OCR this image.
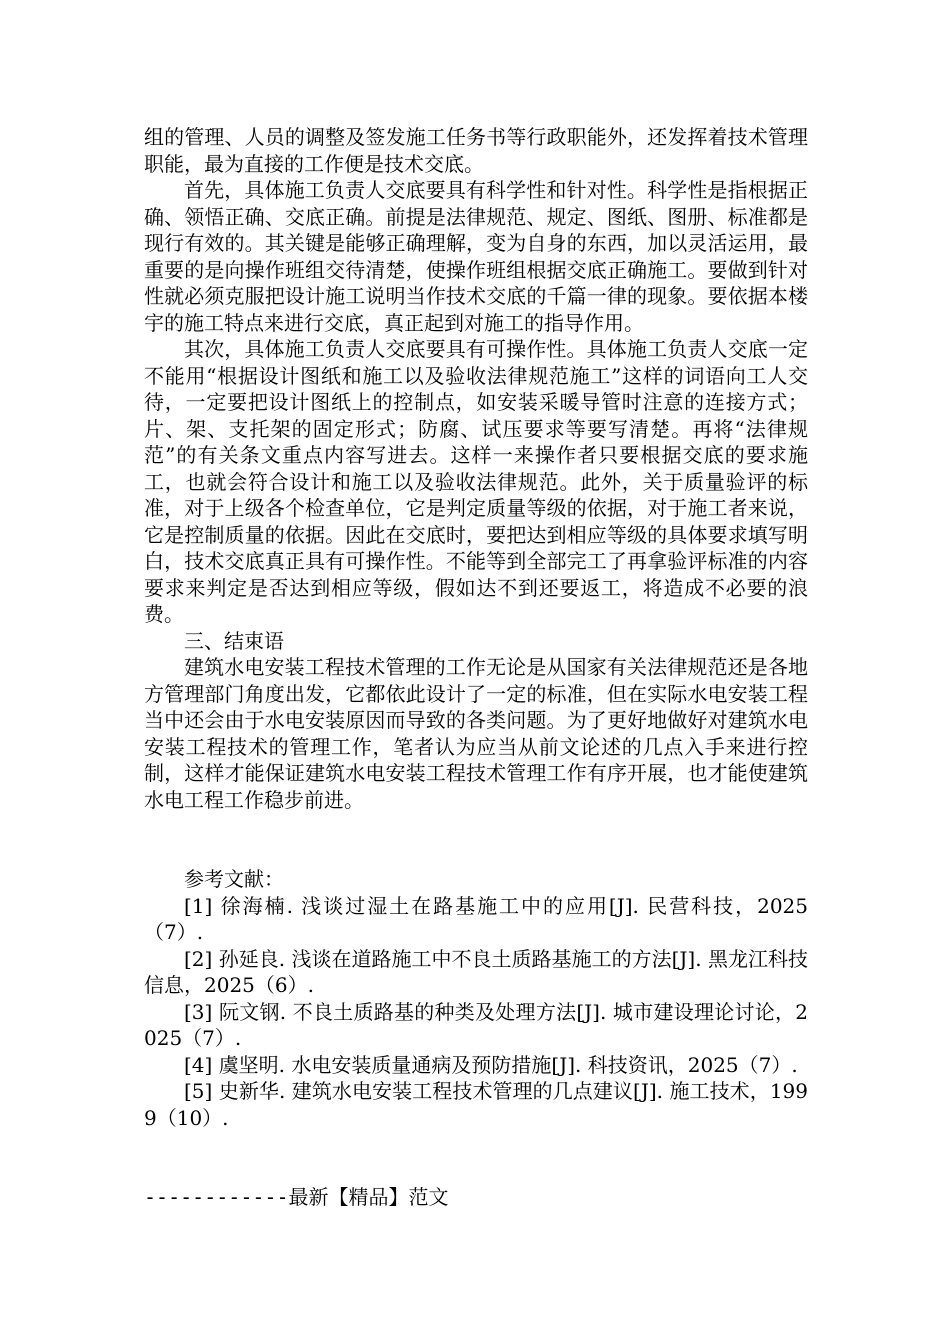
组的管理、人员的调整及签发施工任务书等行政职能外，还发挥着技术管理职能，最为直接的工作便是技术交底。

首先，具体施工负责人交底要具有科学性和针对性。科学性是指根据正确、领悟正确、交底正确。前提是法律规范、规定、图纸、图册、标准都是现行有效的。其关键是能够正确理解，变为自身的东西，加以灵活运用，最重要的是向操作班组交待清楚，使操作班组根据交底正确施工。要做到针对性就必须克服把设计施工说明当作技术交底的千篇一律的现象。要依据本楼宇的施工特点来进行交底，真正起到对施工的指导作用。

其次，具体施工负责人交底要具有可操作性。具体施工负责人交底一定不能用“根据设计图纸和施工以及验收法律规范施工”这样的词语向工人交待，一定要把设计图纸上的控制点，如安装采暖导管时注意的连接方式；片、架、支托架的固定形式；防腐、试压要求等要写清楚。再将“法律规范”的有关条文重点内容写进去。这样一来操作者只要根据交底的要求施工，也就会符合设计和施工以及验收法律规范。此外，关于质量验评的标准，对于上级各个检查单位，它是判定质量等级的依据，对于施工者来说，它是控制质量的依据。因此在交底时，要把达到相应等级的具体要求填写明白，技术交底真正具有可操作性。不能等到全部完工了再拿验评标准的内容要求来判定是否达到相应等级，假如达不到还要返工，将造成不必要的浪费。

三、结束语

建筑水电安装工程技术管理的工作无论是从国家有关法律规范还是各地方管理部门角度出发，它都依此设计了一定的标准，但在实际水电安装工程当中还会由于水电安装原因而导致的各类问题。为了更好地做好对建筑水电安装工程技术的管理工作，笔者认为应当从前文论述的几点入手来进行控制，这样才能保证建筑水电安装工程技术管理工作有序开展，也才能使建筑水电工程工作稳步前进。

参考文献：

[1] 徐海楠. 浅谈过湿土在路基施工中的应用[J]. 民营科技，2025（7）.

[2] 孙延良. 浅谈在道路施工中不良土质路基施工的方法[J]. 黑龙江科技信息，2025（6）.

[3] 阮文钢. 不良土质路基的种类及处理方法[J]. 城市建设理论讨论，2025（7）.

[4] 虞坚明. 水电安装质量通病及预防措施[J]. 科技资讯，2025（7）.

[5] 史新华. 建筑水电安装工程技术管理的几点建议[J]. 施工技术，1999（10）.

------------最新【精品】范文
